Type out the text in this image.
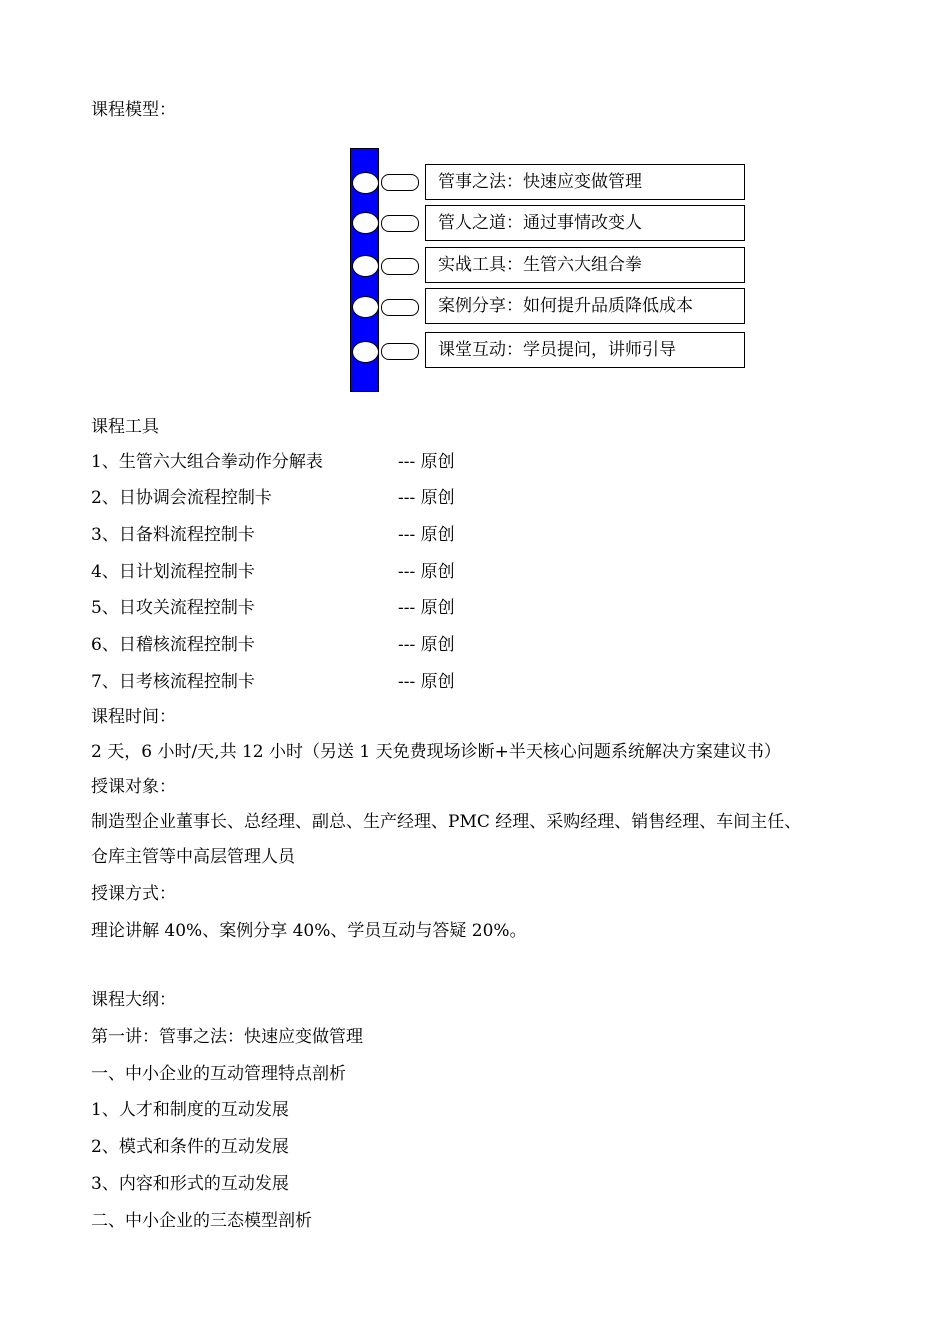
课程模型：
管事之法：快速应变做管理
管人之道：通过事情改变人
实战工具：生管六大组合拳
案例分享：如何提升品质降低成本
课堂互动：学员提问，讲师引导
课程工具
1、生管六大组合拳动作分解表	--- 原创
2、日协调会流程控制卡	--- 原创
3、日备料流程控制卡	--- 原创
4、日计划流程控制卡	--- 原创
5、日攻关流程控制卡	--- 原创
6、日稽核流程控制卡	--- 原创
7、日考核流程控制卡	--- 原创
课程时间：
2 天，6 小时/天,共 12 小时（另送 1 天免费现场诊断+半天核心问题系统解决方案建议书）
授课对象：
制造型企业董事长、总经理、副总、生产经理、PMC 经理、采购经理、销售经理、车间主任、
仓库主管等中高层管理人员
授课方式：
理论讲解 40%、案例分享 40%、学员互动与答疑 20%。
课程大纲：
第一讲：管事之法：快速应变做管理
一、中小企业的互动管理特点剖析
1、人才和制度的互动发展
2、模式和条件的互动发展
3、内容和形式的互动发展
二、中小企业的三态模型剖析
